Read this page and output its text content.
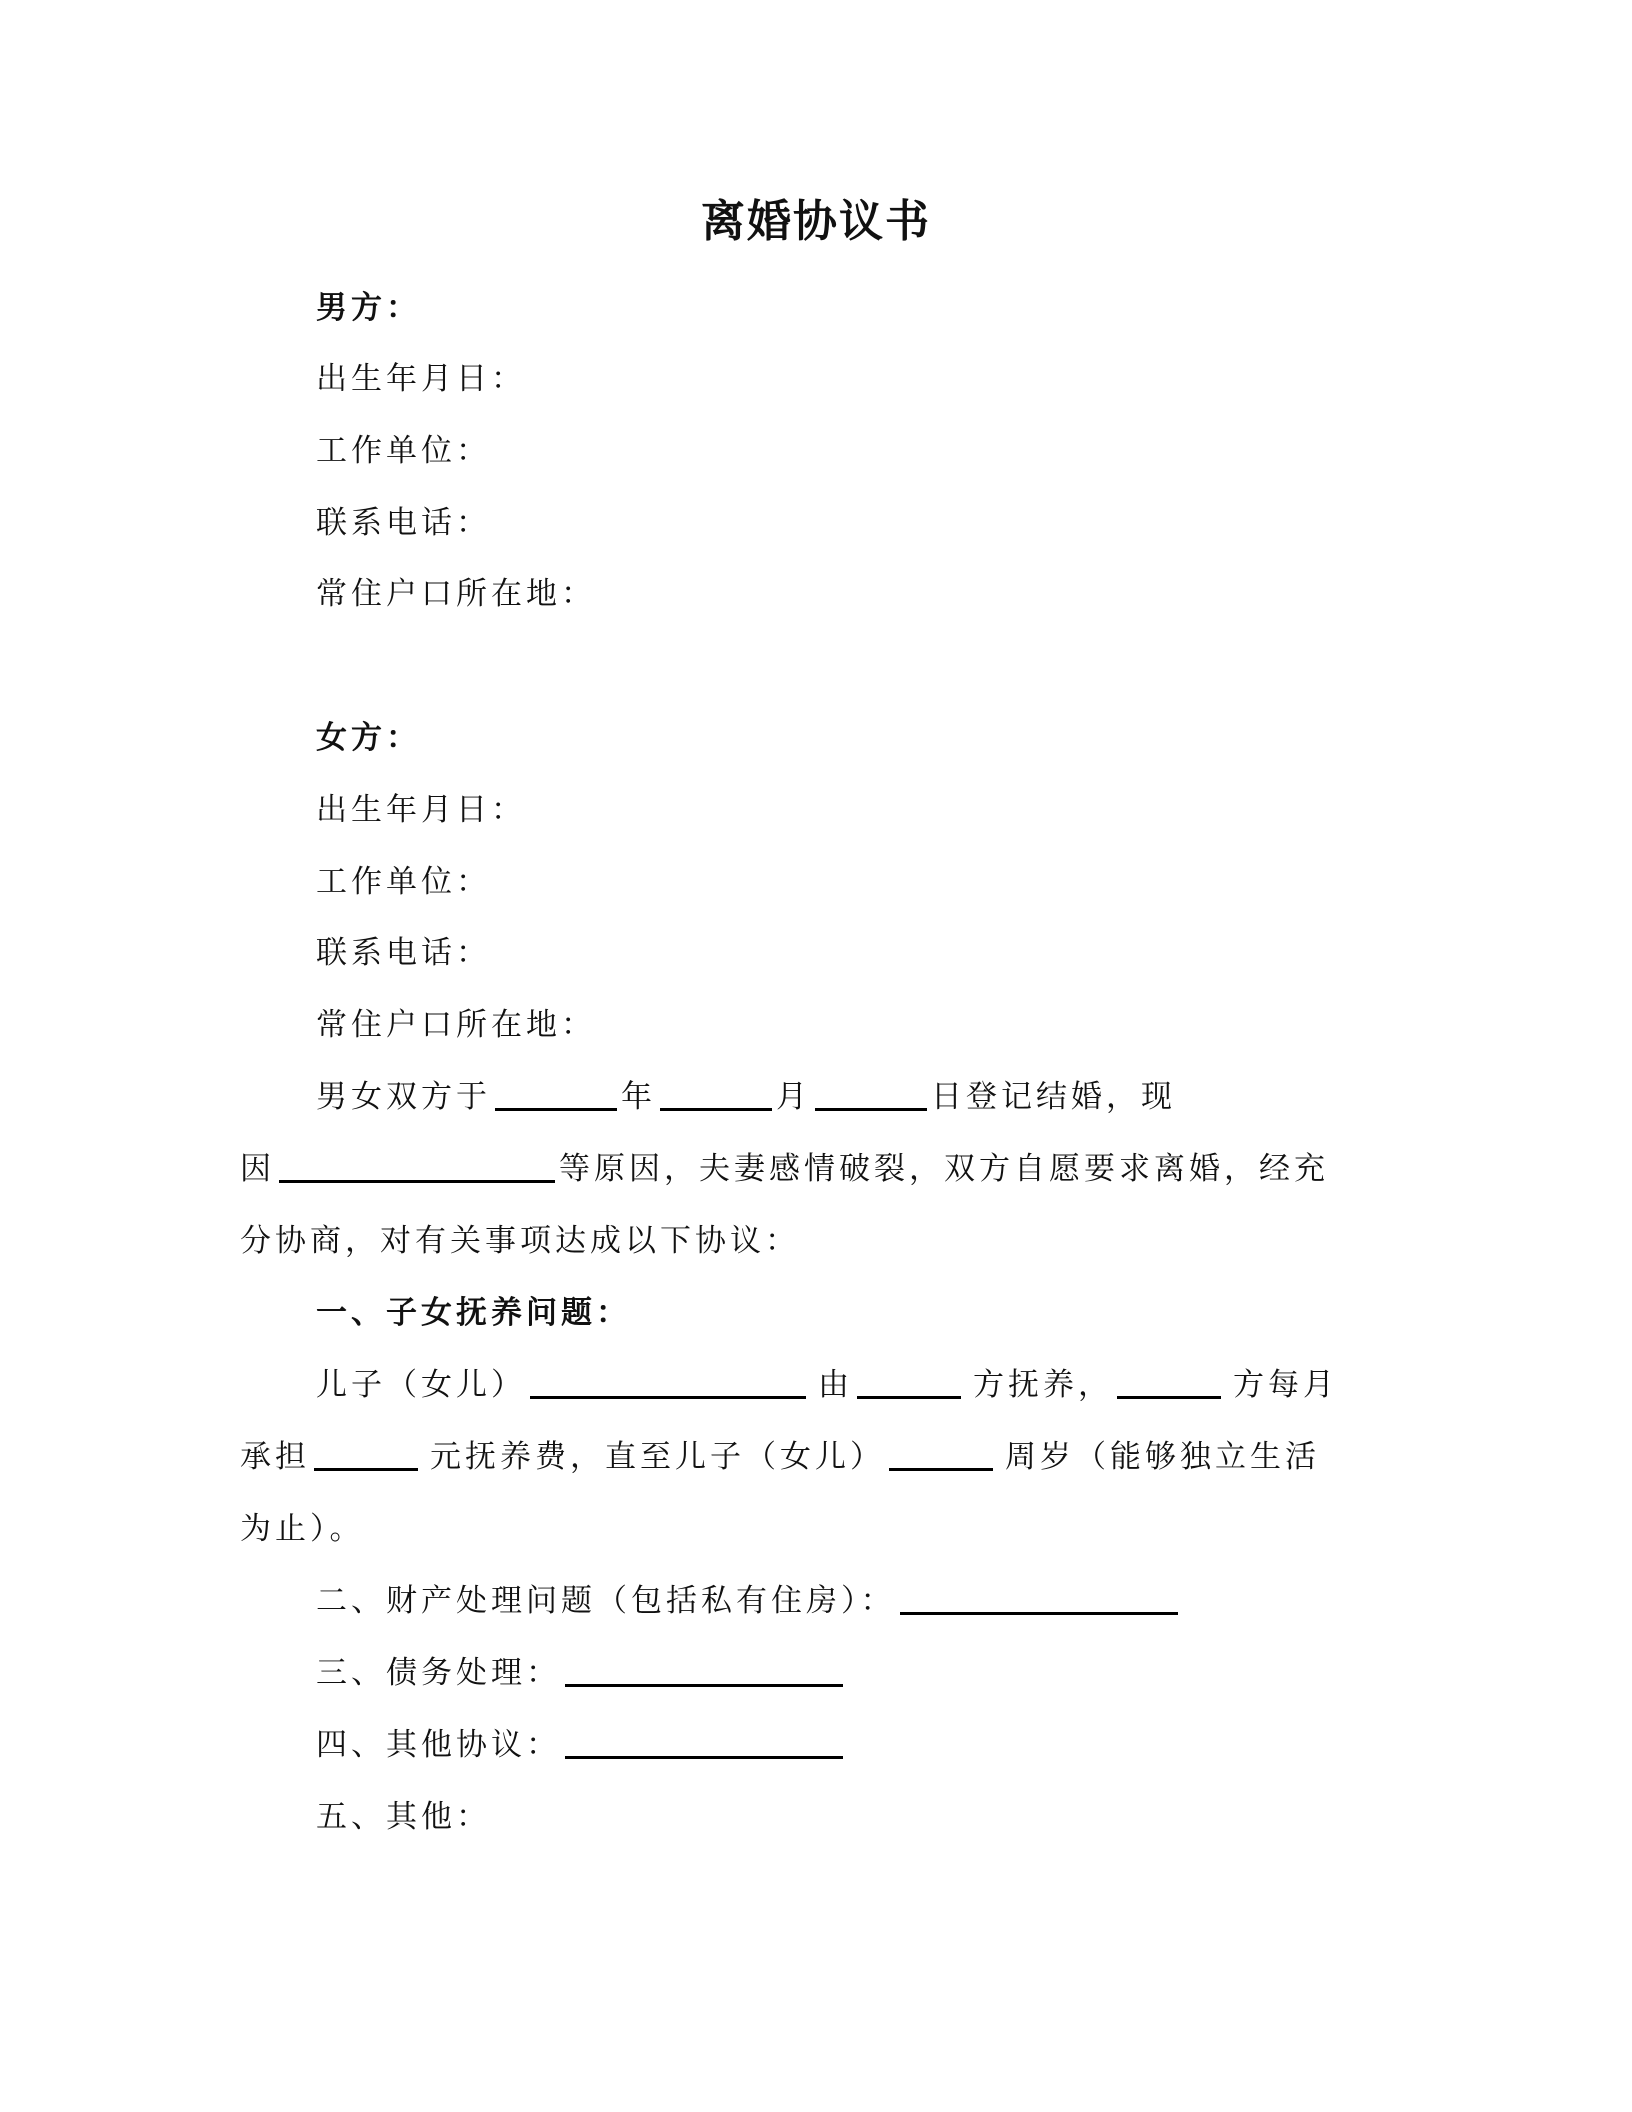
离婚协议书
男方：
出生年月日：
工作单位：
联系电话：
常住户口所在地：
女方：
出生年月日：
工作单位：
联系电话：
常住户口所在地：
男女双方于	年	月	日登记结婚，现
因	等原因，夫妻感情破裂，双方自愿要求离婚，经充
分协商，对有关事项达成以下协议：
一、子女抚养问题：
儿子（女儿）	由	方抚养，	方每月
承担	元抚养费，直至儿子（女儿）	周岁（能够独立生活
为止）。
二、财产处理问题（包括私有住房）：
三、债务处理：
四、其他协议：
五、其他：
